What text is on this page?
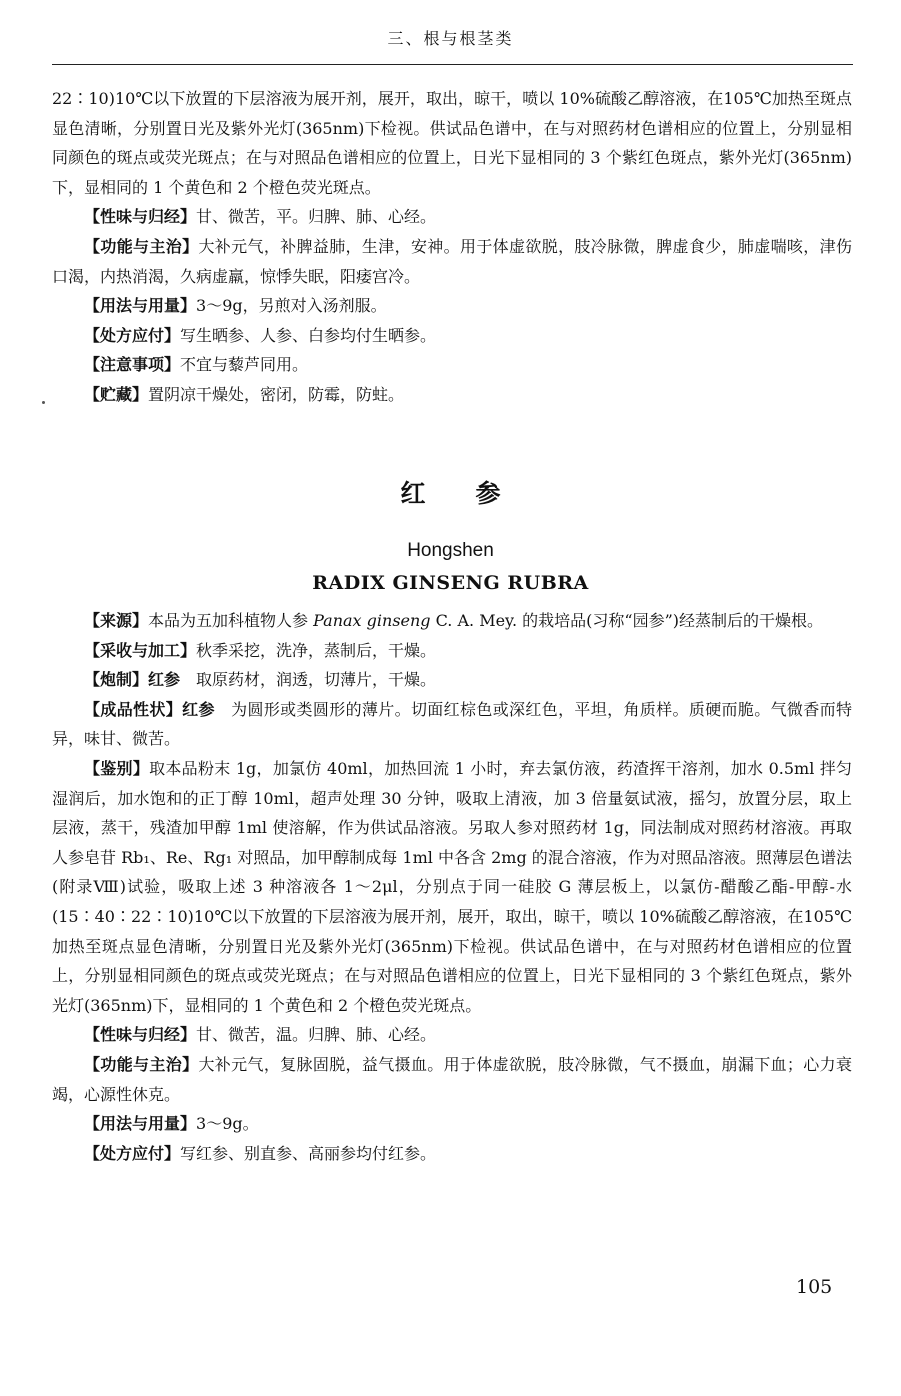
三、根与根茎类

22∶10)10℃以下放置的下层溶液为展开剂，展开，取出，晾干，喷以 10%硫酸乙醇溶液，在105℃加热至斑点显色清晰，分别置日光及紫外光灯(365nm)下检视。供试品色谱中，在与对照药材色谱相应的位置上，分别显相同颜色的斑点或荧光斑点；在与对照品色谱相应的位置上，日光下显相同的 3 个紫红色斑点，紫外光灯(365nm)下，显相同的 1 个黄色和 2 个橙色荧光斑点。

【性味与归经】甘、微苦，平。归脾、肺、心经。

【功能与主治】大补元气，补脾益肺，生津，安神。用于体虚欲脱，肢冷脉微，脾虚食少，肺虚喘咳，津伤口渴，内热消渴，久病虚羸，惊悸失眠，阳痿宫冷。

【用法与用量】3～9g，另煎对入汤剂服。

【处方应付】写生晒参、人参、白参均付生晒参。

【注意事项】不宜与藜芦同用。

【贮藏】置阴凉干燥处，密闭，防霉，防蛀。

红 参
Hongshen
RADIX GINSENG RUBRA

【来源】本品为五加科植物人参 Panax ginseng C. A. Mey. 的栽培品(习称“园参”)经蒸制后的干燥根。

【采收与加工】秋季采挖，洗净，蒸制后，干燥。

【炮制】红参　取原药材，润透，切薄片，干燥。

【成品性状】红参　为圆形或类圆形的薄片。切面红棕色或深红色，平坦，角质样。质硬而脆。气微香而特异，味甘、微苦。

【鉴别】取本品粉末 1g，加氯仿 40ml，加热回流 1 小时，弃去氯仿液，药渣挥干溶剂，加水 0.5ml 拌匀湿润后，加水饱和的正丁醇 10ml，超声处理 30 分钟，吸取上清液，加 3 倍量氨试液，摇匀，放置分层，取上层液，蒸干，残渣加甲醇 1ml 使溶解，作为供试品溶液。另取人参对照药材 1g，同法制成对照药材溶液。再取人参皂苷 Rb₁、Re、Rg₁ 对照品，加甲醇制成每 1ml 中各含 2mg 的混合溶液，作为对照品溶液。照薄层色谱法(附录Ⅷ)试验，吸取上述 3 种溶液各 1～2μl，分别点于同一硅胶 G 薄层板上，以氯仿-醋酸乙酯-甲醇-水(15∶40∶22∶10)10℃以下放置的下层溶液为展开剂，展开，取出，晾干，喷以 10%硫酸乙醇溶液，在105℃加热至斑点显色清晰，分别置日光及紫外光灯(365nm)下检视。供试品色谱中，在与对照药材色谱相应的位置上，分别显相同颜色的斑点或荧光斑点；在与对照品色谱相应的位置上，日光下显相同的 3 个紫红色斑点，紫外光灯(365nm)下，显相同的 1 个黄色和 2 个橙色荧光斑点。

【性味与归经】甘、微苦，温。归脾、肺、心经。

【功能与主治】大补元气，复脉固脱，益气摄血。用于体虚欲脱，肢冷脉微，气不摄血，崩漏下血；心力衰竭，心源性休克。

【用法与用量】3～9g。

【处方应付】写红参、别直参、高丽参均付红参。

105
